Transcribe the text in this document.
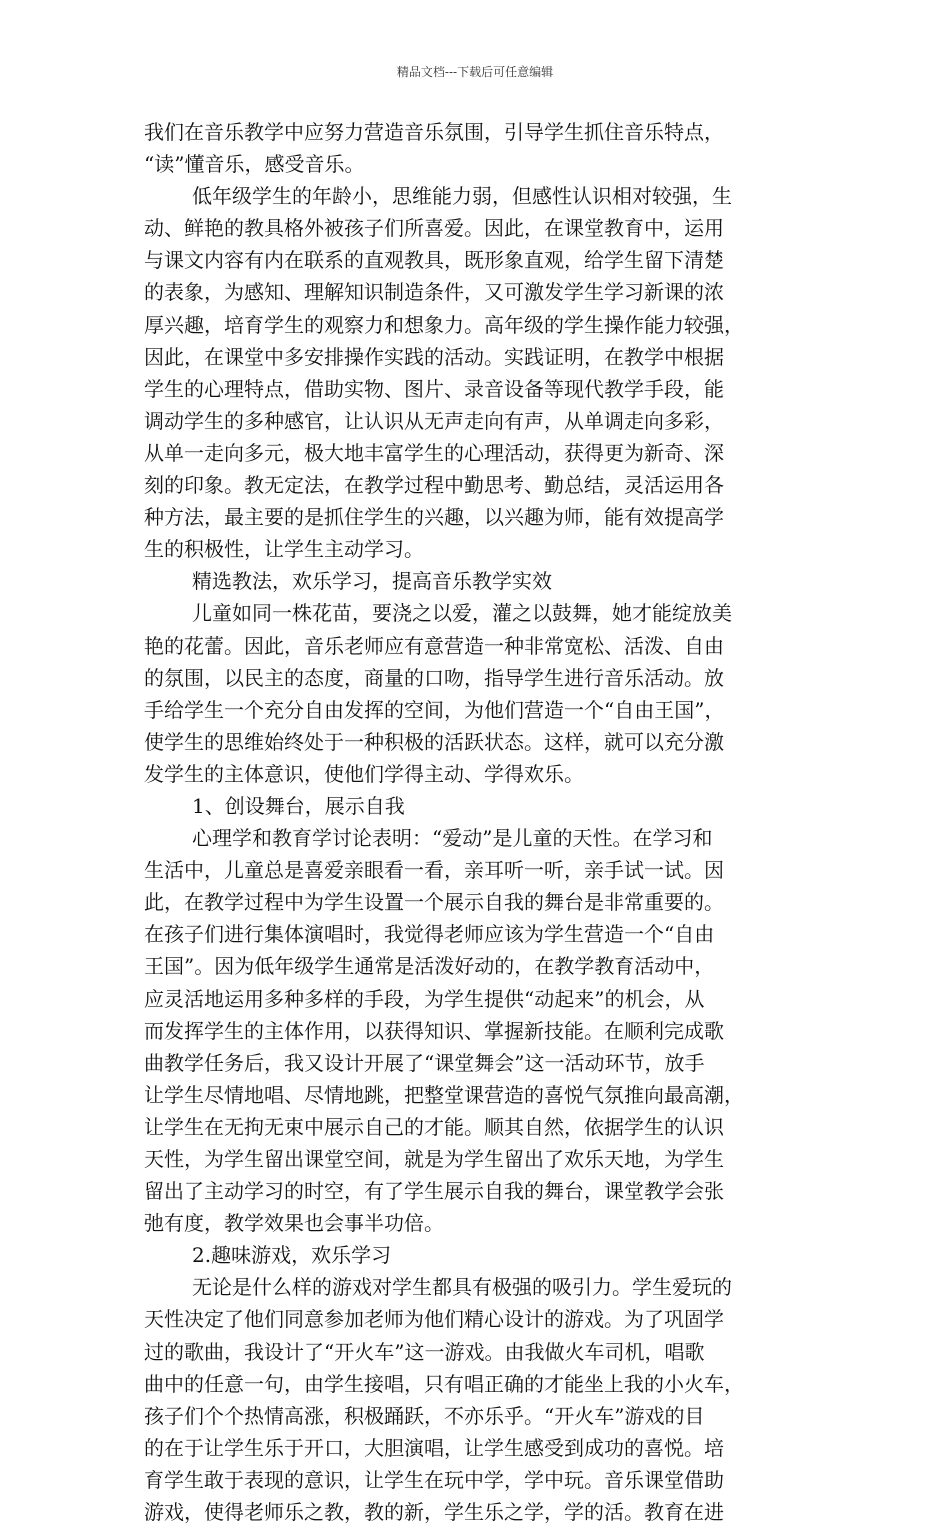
精品文档---下载后可任意编辑
我们在音乐教学中应努力营造音乐氛围，引导学生抓住音乐特点，
“读”懂音乐，感受音乐。
低年级学生的年龄小，思维能力弱，但感性认识相对较强，生
动、鲜艳的教具格外被孩子们所喜爱。因此，在课堂教育中，运用
与课文内容有内在联系的直观教具，既形象直观，给学生留下清楚
的表象，为感知、理解知识制造条件，又可激发学生学习新课的浓
厚兴趣，培育学生的观察力和想象力。高年级的学生操作能力较强，
因此，在课堂中多安排操作实践的活动。实践证明，在教学中根据
学生的心理特点，借助实物、图片、录音设备等现代教学手段，能
调动学生的多种感官，让认识从无声走向有声，从单调走向多彩，
从单一走向多元，极大地丰富学生的心理活动，获得更为新奇、深
刻的印象。教无定法，在教学过程中勤思考、勤总结，灵活运用各
种方法，最主要的是抓住学生的兴趣，以兴趣为师，能有效提高学
生的积极性，让学生主动学习。
精选教法，欢乐学习，提高音乐教学实效
儿童如同一株花苗，要浇之以爱，灌之以鼓舞，她才能绽放美
艳的花蕾。因此，音乐老师应有意营造一种非常宽松、活泼、自由
的氛围，以民主的态度，商量的口吻，指导学生进行音乐活动。放
手给学生一个充分自由发挥的空间，为他们营造一个“自由王国”，
使学生的思维始终处于一种积极的活跃状态。这样，就可以充分激
发学生的主体意识，使他们学得主动、学得欢乐。
1、创设舞台，展示自我
心理学和教育学讨论表明：“爱动”是儿童的天性。在学习和
生活中，儿童总是喜爱亲眼看一看，亲耳听一听，亲手试一试。因
此，在教学过程中为学生设置一个展示自我的舞台是非常重要的。
在孩子们进行集体演唱时，我觉得老师应该为学生营造一个“自由
王国”。因为低年级学生通常是活泼好动的，在教学教育活动中，
应灵活地运用多种多样的手段，为学生提供“动起来”的机会，从
而发挥学生的主体作用，以获得知识、掌握新技能。在顺利完成歌
曲教学任务后，我又设计开展了“课堂舞会”这一活动环节，放手
让学生尽情地唱、尽情地跳，把整堂课营造的喜悦气氛推向最高潮，
让学生在无拘无束中展示自己的才能。顺其自然，依据学生的认识
天性，为学生留出课堂空间，就是为学生留出了欢乐天地，为学生
留出了主动学习的时空，有了学生展示自我的舞台，课堂教学会张
弛有度，教学效果也会事半功倍。
2.趣味游戏，欢乐学习
无论是什么样的游戏对学生都具有极强的吸引力。学生爱玩的
天性决定了他们同意参加老师为他们精心设计的游戏。为了巩固学
过的歌曲，我设计了“开火车”这一游戏。由我做火车司机，唱歌
曲中的任意一句，由学生接唱，只有唱正确的才能坐上我的小火车，
孩子们个个热情高涨，积极踊跃，不亦乐乎。“开火车”游戏的目
的在于让学生乐于开口，大胆演唱，让学生感受到成功的喜悦。培
育学生敢于表现的意识，让学生在玩中学，学中玩。音乐课堂借助
游戏，使得老师乐之教，教的新，学生乐之学，学的活。教育在进
